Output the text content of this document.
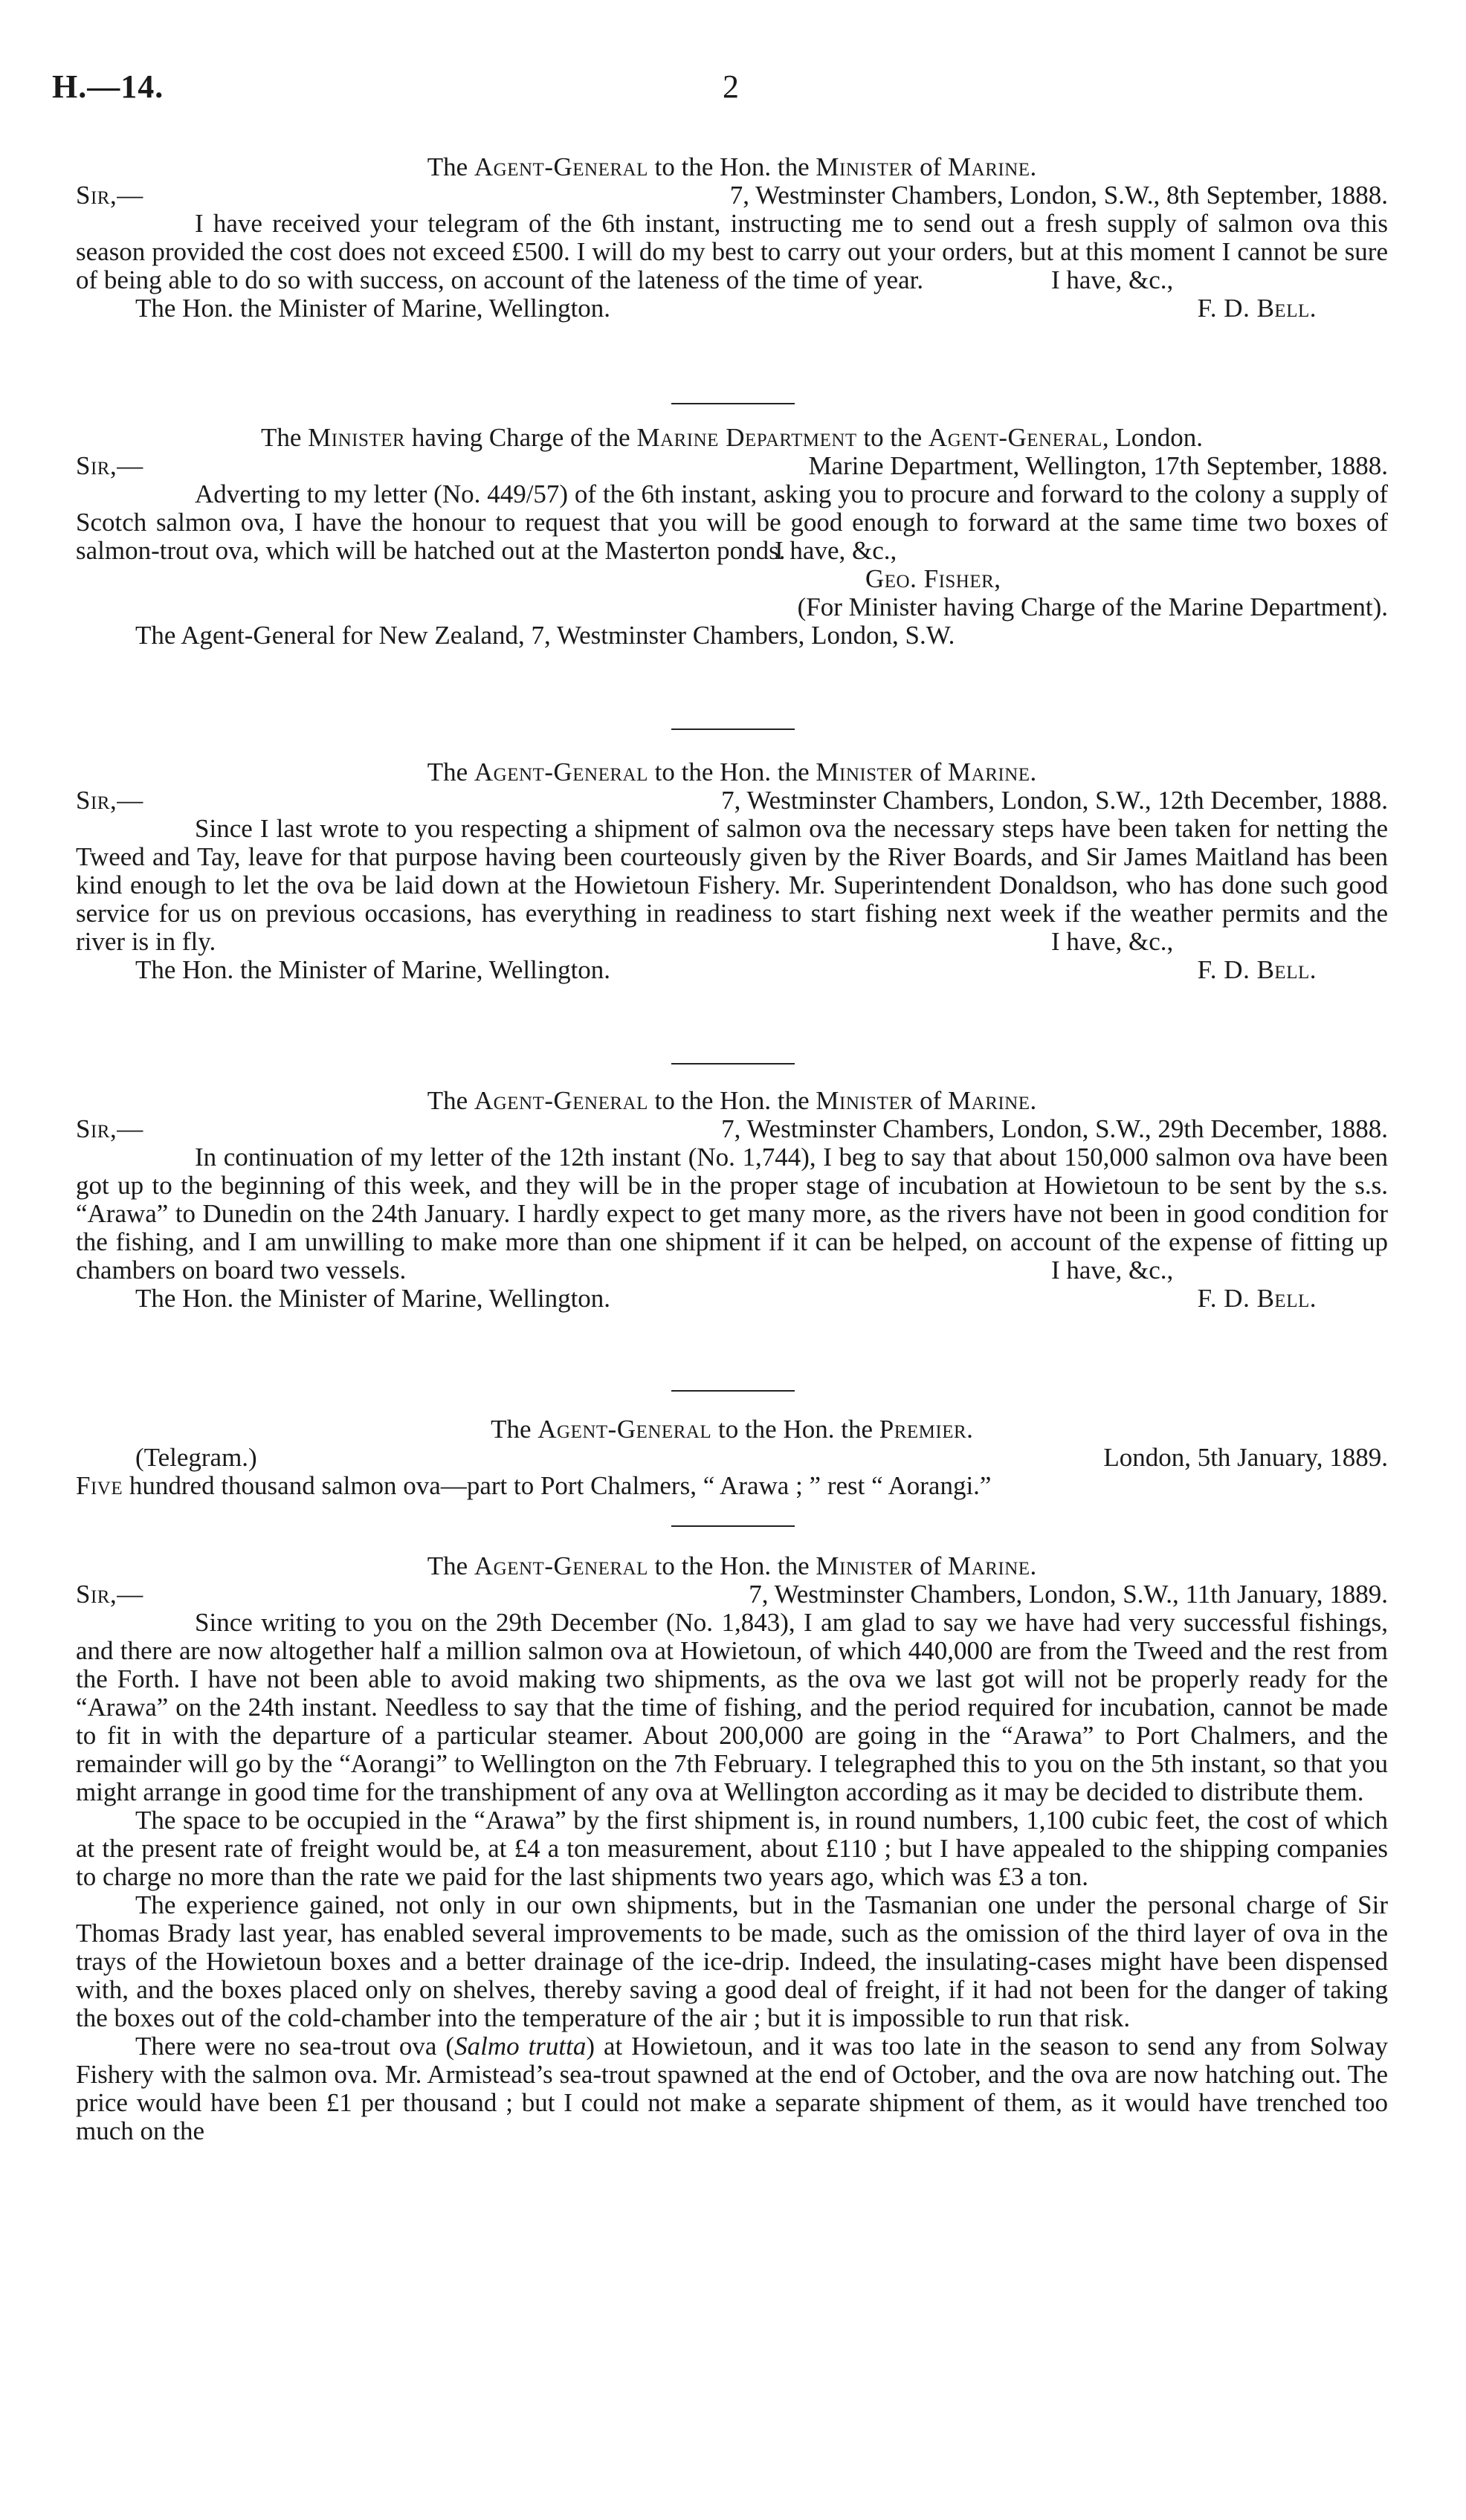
H.—14.	2
The Agent-General to the Hon. the Minister of Marine.
Sir,—	7, Westminster Chambers, London, S.W., 8th September, 1888.

I have received your telegram of the 6th instant, instructing me to send out a fresh supply of salmon ova this season provided the cost does not exceed £500. I will do my best to carry out your orders, but at this moment I cannot be sure of being able to do so with success, on account of the lateness of the time of year.	I have, &c.,
The Hon. the Minister of Marine, Wellington.	F. D. Bell.
The Minister having Charge of the Marine Department to the Agent-General, London.
Sir,—	Marine Department, Wellington, 17th September, 1888.

Adverting to my letter (No. 449/57) of the 6th instant, asking you to procure and forward to the colony a supply of Scotch salmon ova, I have the honour to request that you will be good enough to forward at the same time two boxes of salmon-trout ova, which will be hatched out at the Masterton ponds.

I have, &c.,
Geo. Fisher,
(For Minister having Charge of the Marine Department).
The Agent-General for New Zealand, 7, Westminster Chambers, London, S.W.
The Agent-General to the Hon. the Minister of Marine.
Sir,—	7, Westminster Chambers, London, S.W., 12th December, 1888.

Since I last wrote to you respecting a shipment of salmon ova the necessary steps have been taken for netting the Tweed and Tay, leave for that purpose having been courteously given by the River Boards, and Sir James Maitland has been kind enough to let the ova be laid down at the Howietoun Fishery. Mr. Superintendent Donaldson, who has done such good service for us on previous occasions, has everything in readiness to start fishing next week if the weather permits and the river is in fly.	I have, &c.,
The Hon. the Minister of Marine, Wellington.	F. D. Bell.
The Agent-General to the Hon. the Minister of Marine.
Sir,—	7, Westminster Chambers, London, S.W., 29th December, 1888.

In continuation of my letter of the 12th instant (No. 1,744), I beg to say that about 150,000 salmon ova have been got up to the beginning of this week, and they will be in the proper stage of incubation at Howietoun to be sent by the s.s. “Arawa” to Dunedin on the 24th January. I hardly expect to get many more, as the rivers have not been in good condition for the fishing, and I am unwilling to make more than one shipment if it can be helped, on account of the expense of fitting up chambers on board two vessels.	I have, &c.,
The Hon. the Minister of Marine, Wellington.	F. D. Bell.
The Agent-General to the Hon. the Premier.
(Telegram.)	London, 5th January, 1889.

Five hundred thousand salmon ova—part to Port Chalmers, “ Arawa ; ” rest “ Aorangi.”

The Agent-General to the Hon. the Minister of Marine.
Sir,—	7, Westminster Chambers, London, S.W., 11th January, 1889.

Since writing to you on the 29th December (No. 1,843), I am glad to say we have had very successful fishings, and there are now altogether half a million salmon ova at Howietoun, of which 440,000 are from the Tweed and the rest from the Forth. I have not been able to avoid making two shipments, as the ova we last got will not be properly ready for the “Arawa” on the 24th instant. Needless to say that the time of fishing, and the period required for incubation, cannot be made to fit in with the departure of a particular steamer. About 200,000 are going in the “Arawa” to Port Chalmers, and the remainder will go by the “Aorangi” to Wellington on the 7th February. I telegraphed this to you on the 5th instant, so that you might arrange in good time for the transhipment of any ova at Wellington according as it may be decided to distribute them.

The space to be occupied in the “Arawa” by the first shipment is, in round numbers, 1,100 cubic feet, the cost of which at the present rate of freight would be, at £4 a ton measurement, about £110 ; but I have appealed to the shipping companies to charge no more than the rate we paid for the last shipments two years ago, which was £3 a ton.

The experience gained, not only in our own shipments, but in the Tasmanian one under the personal charge of Sir Thomas Brady last year, has enabled several improvements to be made, such as the omission of the third layer of ova in the trays of the Howietoun boxes and a better drainage of the ice-drip. Indeed, the insulating-cases might have been dispensed with, and the boxes placed only on shelves, thereby saving a good deal of freight, if it had not been for the danger of taking the boxes out of the cold-chamber into the temperature of the air ; but it is impossible to run that risk.

There were no sea-trout ova (Salmo trutta) at Howietoun, and it was too late in the season to send any from Solway Fishery with the salmon ova. Mr. Armistead’s sea-trout spawned at the end of October, and the ova are now hatching out. The price would have been £1 per thousand ; but I could not make a separate shipment of them, as it would have trenched too much on the
